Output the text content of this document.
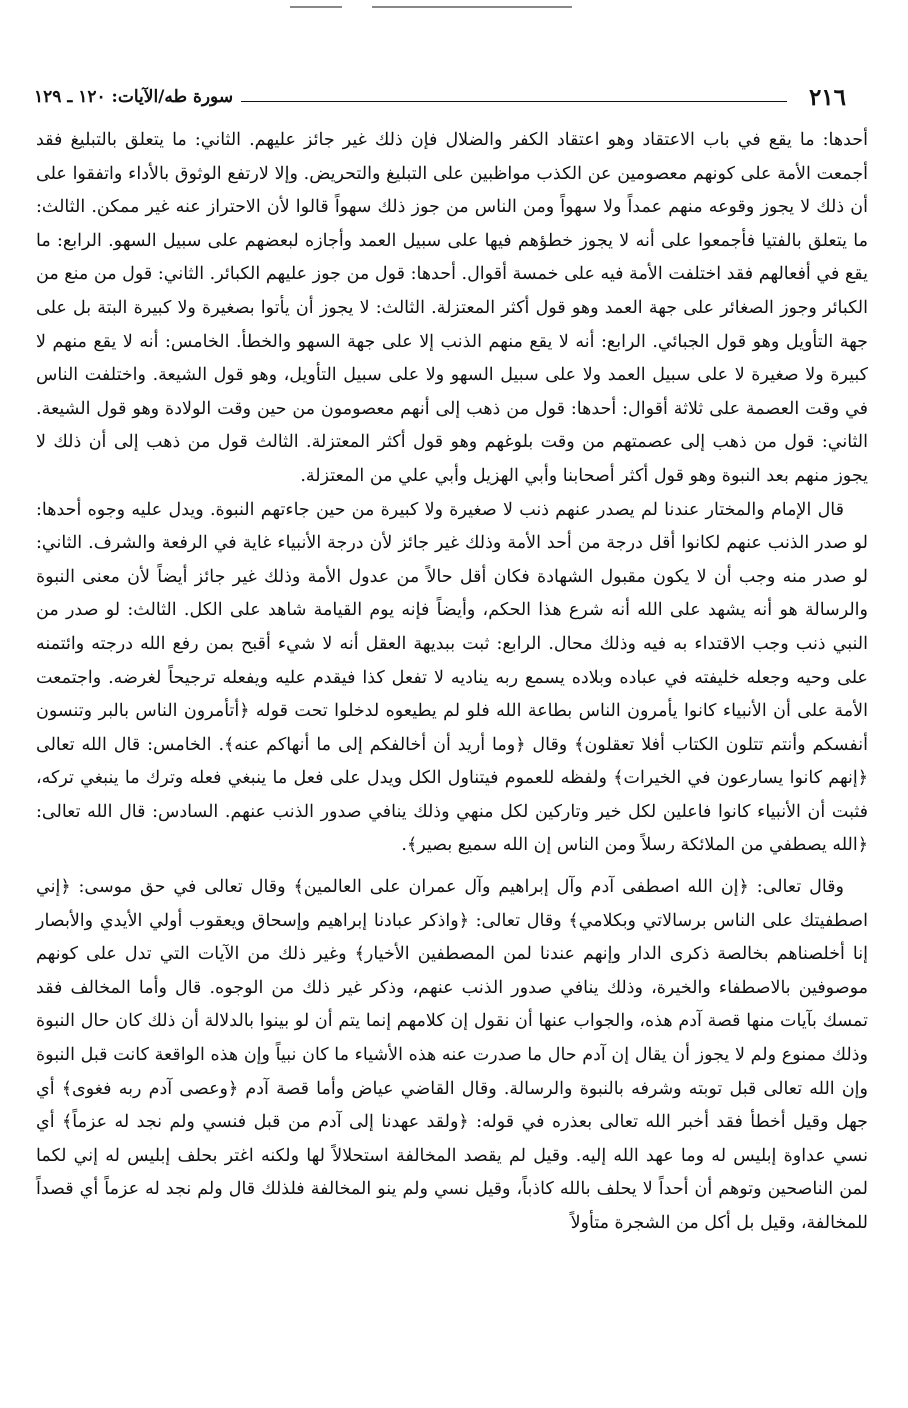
٢١٦
سورة طه/الآيات: ١٢٠ ـ ١٢٩

أحدها: ما يقع في باب الاعتقاد وهو اعتقاد الكفر والضلال فإن ذلك غير جائز عليهم. الثاني: ما يتعلق بالتبليغ فقد أجمعت الأمة على كونهم معصومين عن الكذب مواظبين على التبليغ والتحريض. وإلا لارتفع الوثوق بالأداء واتفقوا على أن ذلك لا يجوز وقوعه منهم عمداً ولا سهواً ومن الناس من جوز ذلك سهواً قالوا لأن الاحتراز عنه غير ممكن. الثالث: ما يتعلق بالفتيا فأجمعوا على أنه لا يجوز خطؤهم فيها على سبيل العمد وأجازه لبعضهم على سبيل السهو. الرابع: ما يقع في أفعالهم فقد اختلفت الأمة فيه على خمسة أقوال. أحدها: قول من جوز عليهم الكبائر. الثاني: قول من منع من الكبائر وجوز الصغائر على جهة العمد وهو قول أكثر المعتزلة. الثالث: لا يجوز أن يأتوا بصغيرة ولا كبيرة البتة بل على جهة التأويل وهو قول الجبائي. الرابع: أنه لا يقع منهم الذنب إلا على جهة السهو والخطأ. الخامس: أنه لا يقع منهم لا كبيرة ولا صغيرة لا على سبيل العمد ولا على سبيل السهو ولا على سبيل التأويل، وهو قول الشيعة. واختلفت الناس في وقت العصمة على ثلاثة أقوال: أحدها: قول من ذهب إلى أنهم معصومون من حين وقت الولادة وهو قول الشيعة. الثاني: قول من ذهب إلى عصمتهم من وقت بلوغهم وهو قول أكثر المعتزلة. الثالث قول من ذهب إلى أن ذلك لا يجوز منهم بعد النبوة وهو قول أكثر أصحابنا وأبي الهزيل وأبي علي من المعتزلة.

قال الإمام والمختار عندنا لم يصدر عنهم ذنب لا صغيرة ولا كبيرة من حين جاءتهم النبوة. ويدل عليه وجوه أحدها: لو صدر الذنب عنهم لكانوا أقل درجة من أحد الأمة وذلك غير جائز لأن درجة الأنبياء غاية في الرفعة والشرف. الثاني: لو صدر منه وجب أن لا يكون مقبول الشهادة فكان أقل حالاً من عدول الأمة وذلك غير جائز أيضاً لأن معنى النبوة والرسالة هو أنه يشهد على الله أنه شرع هذا الحكم، وأيضاً فإنه يوم القيامة شاهد على الكل. الثالث: لو صدر من النبي ذنب وجب الاقتداء به فيه وذلك محال. الرابع: ثبت ببديهة العقل أنه لا شيء أقبح بمن رفع الله درجته وائتمنه على وحيه وجعله خليفته في عباده وبلاده يسمع ربه يناديه لا تفعل كذا فيقدم عليه ويفعله ترجيحاً لغرضه. واجتمعت الأمة على أن الأنبياء كانوا يأمرون الناس بطاعة الله فلو لم يطيعوه لدخلوا تحت قوله ﴿أتأمرون الناس بالبر وتنسون أنفسكم وأنتم تتلون الكتاب أفلا تعقلون﴾ وقال ﴿وما أريد أن أخالفكم إلى ما أنهاكم عنه﴾. الخامس: قال الله تعالى ﴿إنهم كانوا يسارعون في الخيرات﴾ ولفظه للعموم فيتناول الكل ويدل على فعل ما ينبغي فعله وترك ما ينبغي تركه، فثبت أن الأنبياء كانوا فاعلين لكل خير وتاركين لكل منهي وذلك ينافي صدور الذنب عنهم. السادس: قال الله تعالى: ﴿الله يصطفي من الملائكة رسلاً ومن الناس إن الله سميع بصير﴾.

وقال تعالى: ﴿إن الله اصطفى آدم وآل إبراهيم وآل عمران على العالمين﴾ وقال تعالى في حق موسى: ﴿إني اصطفيتك على الناس برسالاتي وبكلامي﴾ وقال تعالى: ﴿واذكر عبادنا إبراهيم وإسحاق ويعقوب أولي الأيدي والأبصار إنا أخلصناهم بخالصة ذكرى الدار وإنهم عندنا لمن المصطفين الأخيار﴾ وغير ذلك من الآيات التي تدل على كونهم موصوفين بالاصطفاء والخيرة، وذلك ينافي صدور الذنب عنهم، وذكر غير ذلك من الوجوه. قال وأما المخالف فقد تمسك بآيات منها قصة آدم هذه، والجواب عنها أن نقول إن كلامهم إنما يتم أن لو بينوا بالدلالة أن ذلك كان حال النبوة وذلك ممنوع ولم لا يجوز أن يقال إن آدم حال ما صدرت عنه هذه الأشياء ما كان نبياً وإن هذه الواقعة كانت قبل النبوة وإن الله تعالى قبل توبته وشرفه بالنبوة والرسالة. وقال القاضي عياض وأما قصة آدم ﴿وعصى آدم ربه فغوى﴾ أي جهل وقيل أخطأ فقد أخبر الله تعالى بعذره في قوله: ﴿ولقد عهدنا إلى آدم من قبل فنسي ولم نجد له عزماً﴾ أي نسي عداوة إبليس له وما عهد الله إليه. وقيل لم يقصد المخالفة استحلالاً لها ولكنه اغتر بحلف إبليس له إني لكما لمن الناصحين وتوهم أن أحداً لا يحلف بالله كاذباً، وقيل نسي ولم ينو المخالفة فلذلك قال ولم نجد له عزماً أي قصداً للمخالفة، وقيل بل أكل من الشجرة متأولاً
